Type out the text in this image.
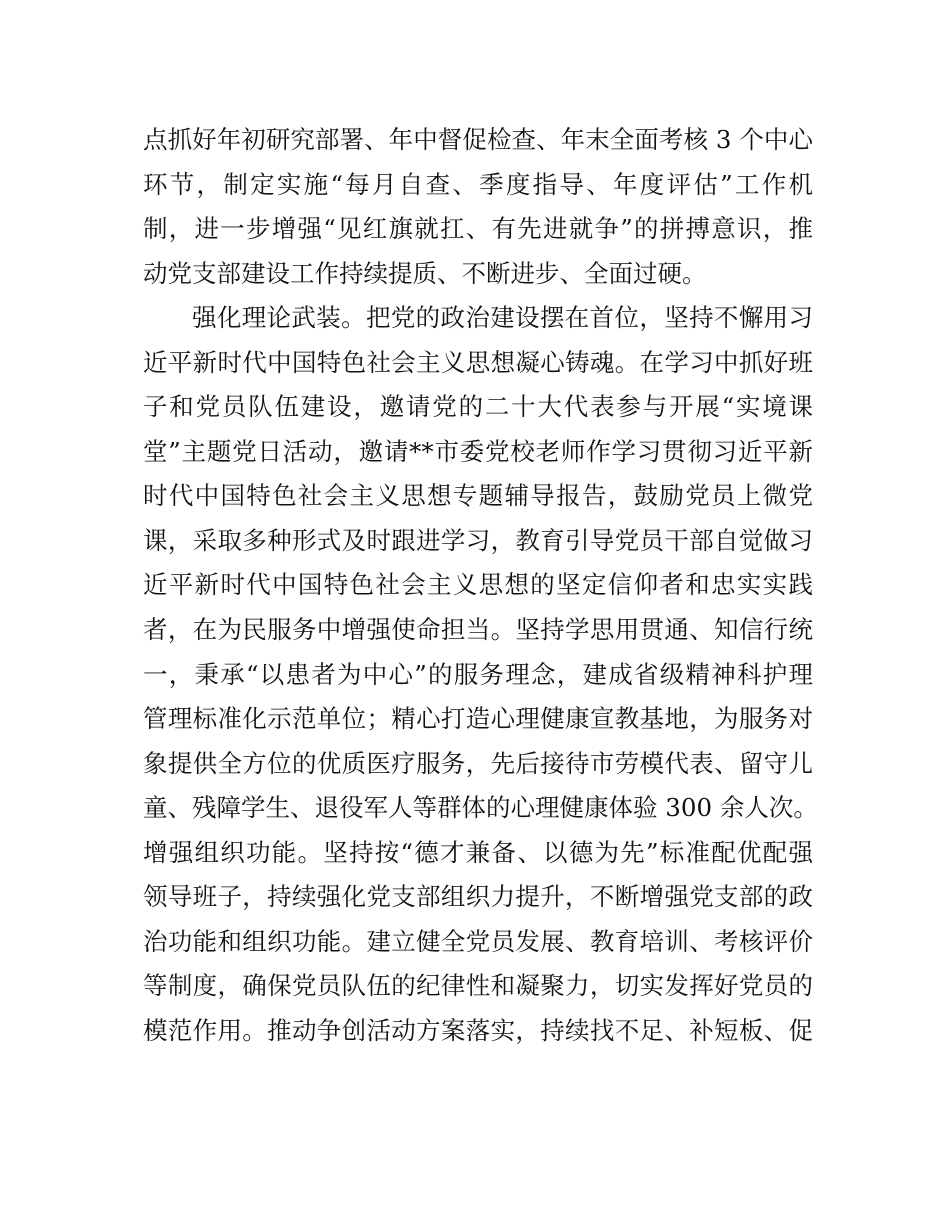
点抓好年初研究部署、年中督促检查、年末全面考核 3 个中心
环节，制定实施“每月自查、季度指导、年度评估”工作机
制，进一步增强“见红旗就扛、有先进就争”的拼搏意识，推
动党支部建设工作持续提质、不断进步、全面过硬。
强化理论武装。把党的政治建设摆在首位，坚持不懈用习
近平新时代中国特色社会主义思想凝心铸魂。在学习中抓好班
子和党员队伍建设，邀请党的二十大代表参与开展“实境课
堂”主题党日活动，邀请**市委党校老师作学习贯彻习近平新
时代中国特色社会主义思想专题辅导报告，鼓励党员上微党
课，采取多种形式及时跟进学习，教育引导党员干部自觉做习
近平新时代中国特色社会主义思想的坚定信仰者和忠实实践
者，在为民服务中增强使命担当。坚持学思用贯通、知信行统
一，秉承“以患者为中心”的服务理念，建成省级精神科护理
管理标准化示范单位；精心打造心理健康宣教基地，为服务对
象提供全方位的优质医疗服务，先后接待市劳模代表、留守儿
童、残障学生、退役军人等群体的心理健康体验 300 余人次。
增强组织功能。坚持按“德才兼备、以德为先”标准配优配强
领导班子，持续强化党支部组织力提升，不断增强党支部的政
治功能和组织功能。建立健全党员发展、教育培训、考核评价
等制度，确保党员队伍的纪律性和凝聚力，切实发挥好党员的
模范作用。推动争创活动方案落实，持续找不足、补短板、促
